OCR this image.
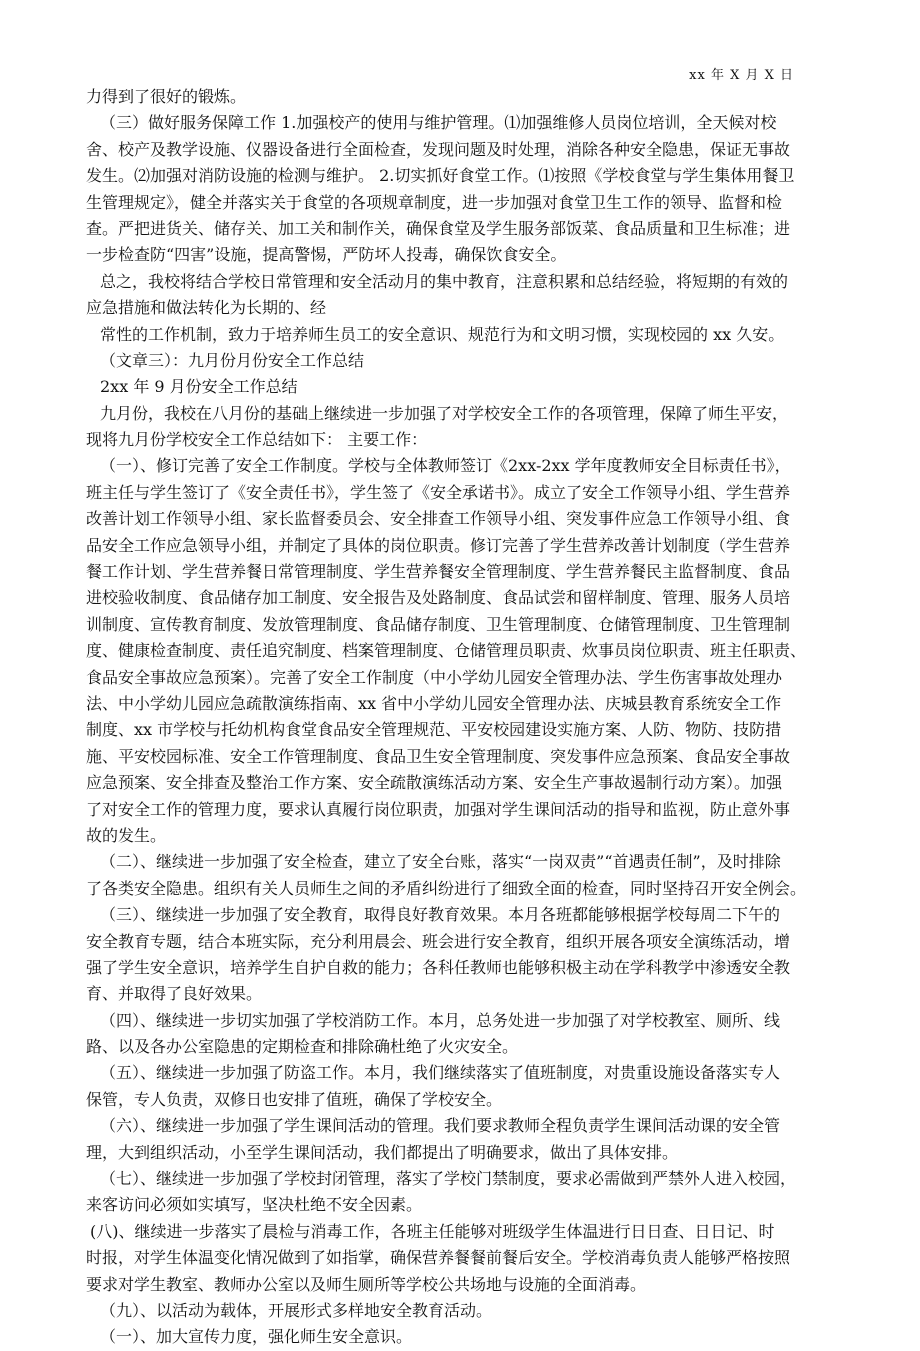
xx 年 X 月 X 日
力得到了很好的锻炼。
（三）做好服务保障工作 1.加强校产的使用与维护管理。⑴加强维修人员岗位培训，全天候对校
舍、校产及教学设施、仪器设备进行全面检查，发现问题及时处理，消除各种安全隐患，保证无事故
发生。⑵加强对消防设施的检测与维护。 2.切实抓好食堂工作。⑴按照《学校食堂与学生集体用餐卫
生管理规定》，健全并落实关于食堂的各项规章制度，进一步加强对食堂卫生工作的领导、监督和检
查。严把进货关、储存关、加工关和制作关，确保食堂及学生服务部饭菜、食品质量和卫生标准；进
一步检查防“四害”设施，提高警惕，严防坏人投毒，确保饮食安全。
总之，我校将结合学校日常管理和安全活动月的集中教育，注意积累和总结经验，将短期的有效的
应急措施和做法转化为长期的、经
常性的工作机制，致力于培养师生员工的安全意识、规范行为和文明习惯，实现校园的 xx 久安。
（文章三）：九月份月份安全工作总结
2xx 年 9 月份安全工作总结
九月份，我校在八月份的基础上继续进一步加强了对学校安全工作的各项管理，保障了师生平安，
现将九月份学校安全工作总结如下： 主要工作：
（一）、修订完善了安全工作制度。学校与全体教师签订《2xx-2xx 学年度教师安全目标责任书》，
班主任与学生签订了《安全责任书》，学生签了《安全承诺书》。成立了安全工作领导小组、学生营养
改善计划工作领导小组、家长监督委员会、安全排查工作领导小组、突发事件应急工作领导小组、食
品安全工作应急领导小组，并制定了具体的岗位职责。修订完善了学生营养改善计划制度（学生营养
餐工作计划、学生营养餐日常管理制度、学生营养餐安全管理制度、学生营养餐民主监督制度、食品
进校验收制度、食品储存加工制度、安全报告及处路制度、食品试尝和留样制度、管理、服务人员培
训制度、宣传教育制度、发放管理制度、食品储存制度、卫生管理制度、仓储管理制度、卫生管理制
度、健康检查制度、责任追究制度、档案管理制度、仓储管理员职责、炊事员岗位职责、班主任职责、
食品安全事故应急预案）。完善了安全工作制度（中小学幼儿园安全管理办法、学生伤害事故处理办
法、中小学幼儿园应急疏散演练指南、xx 省中小学幼儿园安全管理办法、庆城县教育系统安全工作
制度、xx 市学校与托幼机构食堂食品安全管理规范、平安校园建设实施方案、人防、物防、技防措
施、平安校园标准、安全工作管理制度、食品卫生安全管理制度、突发事件应急预案、食品安全事故
应急预案、安全排查及整治工作方案、安全疏散演练活动方案、安全生产事故遏制行动方案）。加强
了对安全工作的管理力度，要求认真履行岗位职责，加强对学生课间活动的指导和监视，防止意外事
故的发生。
（二）、继续进一步加强了安全检查，建立了安全台账，落实“一岗双责”“首遇责任制”，及时排除
了各类安全隐患。组织有关人员师生之间的矛盾纠纷进行了细致全面的检查，同时坚持召开安全例会。
（三）、继续进一步加强了安全教育，取得良好教育效果。本月各班都能够根据学校每周二下午的
安全教育专题，结合本班实际，充分利用晨会、班会进行安全教育，组织开展各项安全演练活动，增
强了学生安全意识，培养学生自护自救的能力；各科任教师也能够积极主动在学科教学中渗透安全教
育、并取得了良好效果。
（四）、继续进一步切实加强了学校消防工作。本月，总务处进一步加强了对学校教室、厕所、线
路、以及各办公室隐患的定期检查和排除确杜绝了火灾安全。
（五）、继续进一步加强了防盗工作。本月，我们继续落实了值班制度，对贵重设施设备落实专人
保管，专人负责，双修日也安排了值班，确保了学校安全。
（六）、继续进一步加强了学生课间活动的管理。我们要求教师全程负责学生课间活动课的安全管
理，大到组织活动，小至学生课间活动，我们都提出了明确要求，做出了具体安排。
（七）、继续进一步加强了学校封闭管理，落实了学校门禁制度，要求必需做到严禁外人进入校园，
来客访问必须如实填写，坚决杜绝不安全因素。
(八)、继续进一步落实了晨检与消毒工作，各班主任能够对班级学生体温进行日日查、日日记、时
时报，对学生体温变化情况做到了如指掌，确保营养餐餐前餐后安全。学校消毒负责人能够严格按照
要求对学生教室、教师办公室以及师生厕所等学校公共场地与设施的全面消毒。
（九）、以活动为载体，开展形式多样地安全教育活动。
（一）、加大宣传力度，强化师生安全意识。
